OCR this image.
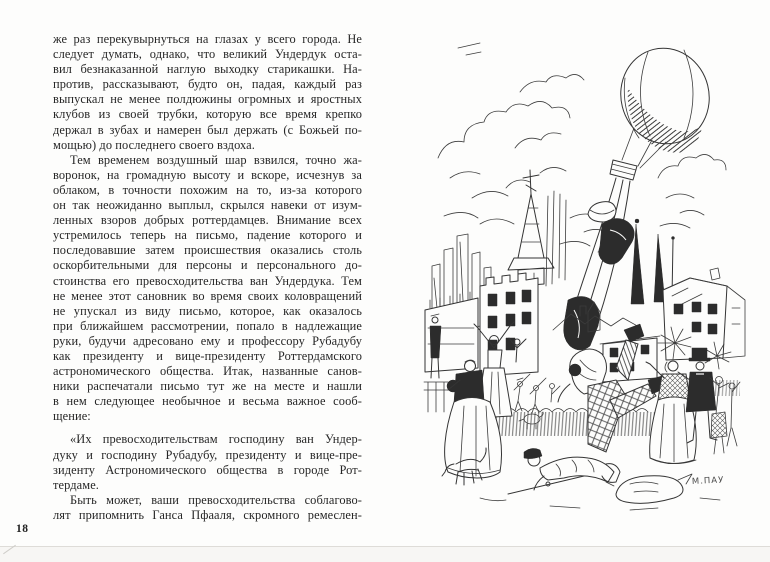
же раз перекувырнуться на глазах у всего города. Не
следует думать, однако, что великий Ундердук оста-
вил безнаказанной наглую выходку старикашки. На-
против, рассказывают, будто он, падая, каждый раз
выпускал не менее полдюжины огромных и яростных
клубов из своей трубки, которую все время крепко
держал в зубах и намерен был держать (с Божьей по-
мощью) до последнего своего вздоха.
Тем временем воздушный шар взвился, точно жа-
воронок, на громадную высоту и вскоре, исчезнув за
облаком, в точности похожим на то, из-за которого
он так неожиданно выплыл, скрылся навеки от изум-
ленных взоров добрых роттердамцев. Внимание всех
устремилось теперь на письмо, падение которого и
последовавшие затем происшествия оказались столь
оскорбительными для персоны и персонального до-
стоинства его превосходительства ван Ундердука. Тем
не менее этот сановник во время своих коловращений
не упускал из виду письмо, которое, как оказалось
при ближайшем рассмотрении, попало в надлежащие
руки, будучи адресовано ему и профессору Рубадубу
как президенту и вице-президенту Роттердамского
астрономического общества. Итак, названные санов-
ники распечатали письмо тут же на месте и нашли
в нем следующее необычное и весьма важное сооб-
щение:
«Их превосходительствам господину ван Ундер-
дуку и господину Рубадубу, президенту и вице-пре-
зиденту Астрономического общества в городе Рот-
тердаме.
Быть может, ваши превосходительства соблагово-
лят припомнить Ганса Пфааля, скромного ремеслен-
18
М.ПАУ
